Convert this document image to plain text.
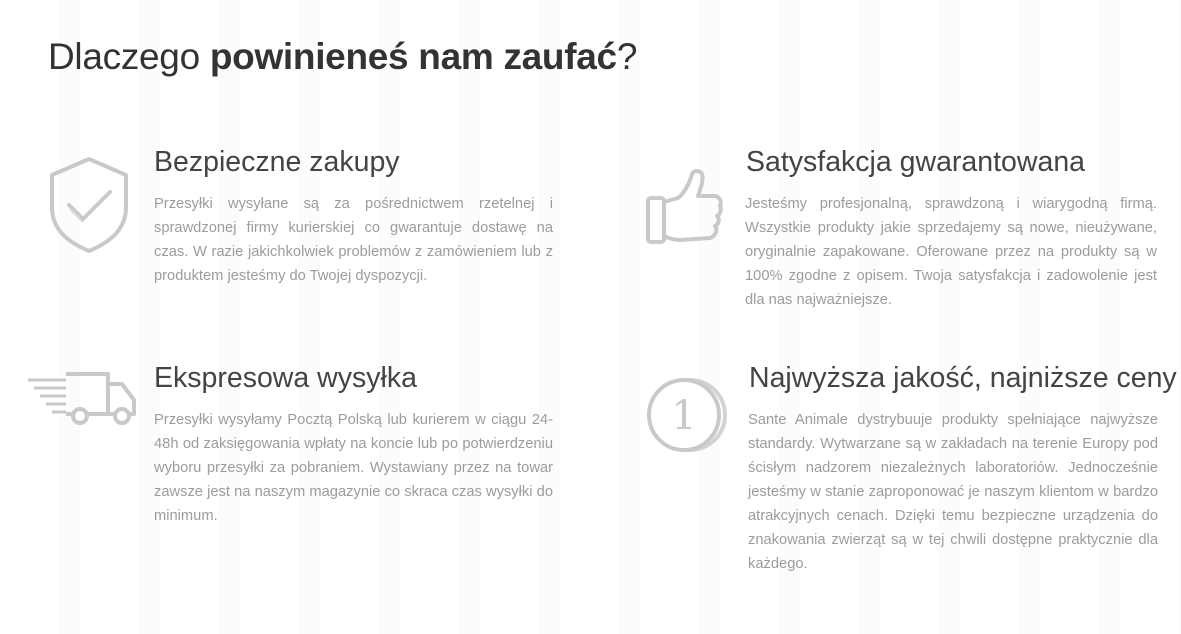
Dlaczego powinieneś nam zaufać?
Bezpieczne zakupy
Przesyłki wysyłane są za pośrednictwem rzetelnej i sprawdzonej firmy kurierskiej co gwarantuje dostawę na czas. W razie jakichkolwiek problemów z zamówieniem lub z produktem jesteśmy do Twojej dyspozycji.
Satysfakcja gwarantowana
Jesteśmy profesjonalną, sprawdzoną i wiarygodną firmą. Wszystkie produkty jakie sprzedajemy są nowe, nieużywane, oryginalnie zapakowane. Oferowane przez na produkty są w 100% zgodne z opisem. Twoja satysfakcja i zadowolenie jest dla nas najważniejsze.
Ekspresowa wysyłka
Przesyłki wysyłamy Pocztą Polską lub kurierem w ciągu 24-48h od zaksięgowania wpłaty na koncie lub po potwierdzeniu wyboru przesyłki za pobraniem. Wystawiany przez na towar zawsze jest na naszym magazynie co skraca czas wysyłki do minimum.
1
Najwyższa jakość, najniższe ceny
Sante Animale dystrybuuje produkty spełniające najwyższe standardy. Wytwarzane są w zakładach na terenie Europy pod ścisłym nadzorem niezależnych laboratoriów. Jednocześnie jesteśmy w stanie zaproponować je naszym klientom w bardzo atrakcyjnych cenach. Dzięki temu bezpieczne urządzenia do znakowania zwierząt są w tej chwili dostępne praktycznie dla każdego.
